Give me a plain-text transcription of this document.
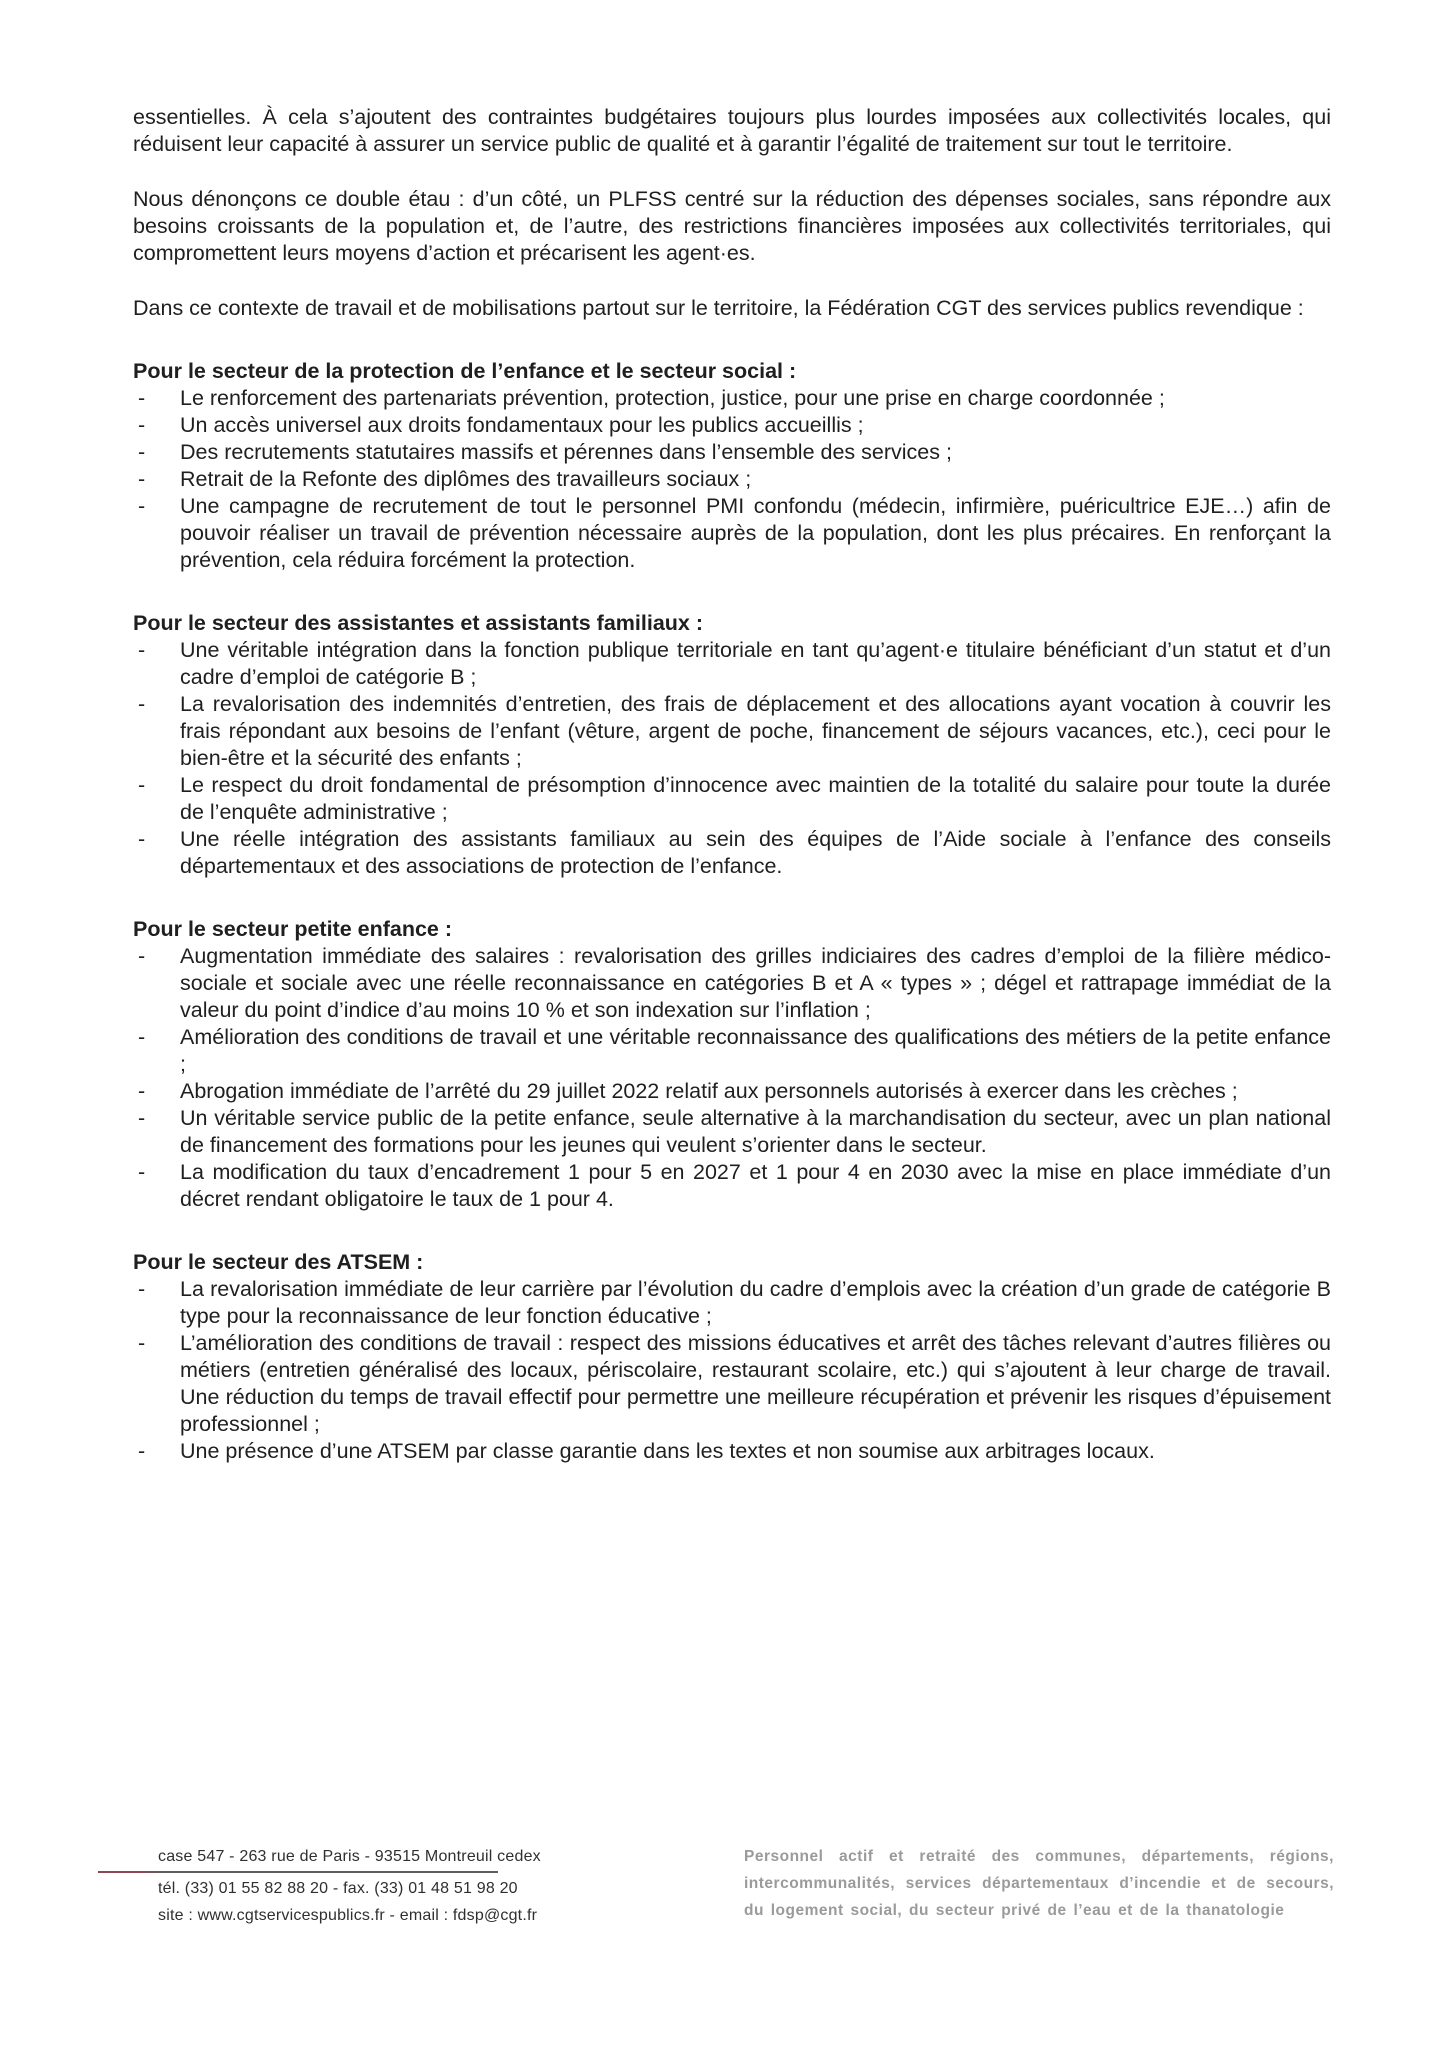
essentielles. À cela s’ajoutent des contraintes budgétaires toujours plus lourdes imposées aux collectivités locales, qui réduisent leur capacité à assurer un service public de qualité et à garantir l’égalité de traitement sur tout le territoire.

Nous dénonçons ce double étau : d’un côté, un PLFSS centré sur la réduction des dépenses sociales, sans répondre aux besoins croissants de la population et, de l’autre, des restrictions financières imposées aux collectivités territoriales, qui compromettent leurs moyens d’action et précarisent les agent·es.

Dans ce contexte de travail et de mobilisations partout sur le territoire, la Fédération CGT des services publics revendique :

Pour le secteur de la protection de l’enfance et le secteur social :
- Le renforcement des partenariats prévention, protection, justice, pour une prise en charge coordonnée ;
- Un accès universel aux droits fondamentaux pour les publics accueillis ;
- Des recrutements statutaires massifs et pérennes dans l’ensemble des services ;
- Retrait de la Refonte des diplômes des travailleurs sociaux ;
- Une campagne de recrutement de tout le personnel PMI confondu (médecin, infirmière, puéricultrice EJE…) afin de pouvoir réaliser un travail de prévention nécessaire auprès de la population, dont les plus précaires. En renforçant la prévention, cela réduira forcément la protection.
Pour le secteur des assistantes et assistants familiaux :
- Une véritable intégration dans la fonction publique territoriale en tant qu’agent·e titulaire bénéficiant d’un statut et d’un cadre d’emploi de catégorie B ;
- La revalorisation des indemnités d’entretien, des frais de déplacement et des allocations ayant vocation à couvrir les frais répondant aux besoins de l’enfant (vêture, argent de poche, financement de séjours vacances, etc.), ceci pour le bien-être et la sécurité des enfants ;
- Le respect du droit fondamental de présomption d’innocence avec maintien de la totalité du salaire pour toute la durée de l’enquête administrative ;
- Une réelle intégration des assistants familiaux au sein des équipes de l’Aide sociale à l’enfance des conseils départementaux et des associations de protection de l’enfance.
Pour le secteur petite enfance :
- Augmentation immédiate des salaires : revalorisation des grilles indiciaires des cadres d’emploi de la filière médico-sociale et sociale avec une réelle reconnaissance en catégories B et A « types » ; dégel et rattrapage immédiat de la valeur du point d’indice d’au moins 10 % et son indexation sur l’inflation ;
- Amélioration des conditions de travail et une véritable reconnaissance des qualifications des métiers de la petite enfance ;
- Abrogation immédiate de l’arrêté du 29 juillet 2022 relatif aux personnels autorisés à exercer dans les crèches ;
- Un véritable service public de la petite enfance, seule alternative à la marchandisation du secteur, avec un plan national de financement des formations pour les jeunes qui veulent s’orienter dans le secteur.
- La modification du taux d’encadrement 1 pour 5 en 2027 et 1 pour 4 en 2030 avec la mise en place immédiate d’un décret rendant obligatoire le taux de 1 pour 4.
Pour le secteur des ATSEM :
- La revalorisation immédiate de leur carrière par l’évolution du cadre d’emplois avec la création d’un grade de catégorie B type pour la reconnaissance de leur fonction éducative ;
- L’amélioration des conditions de travail : respect des missions éducatives et arrêt des tâches relevant d’autres filières ou métiers (entretien généralisé des locaux, périscolaire, restaurant scolaire, etc.) qui s’ajoutent à leur charge de travail. Une réduction du temps de travail effectif pour permettre une meilleure récupération et prévenir les risques d’épuisement professionnel ;
- Une présence d’une ATSEM par classe garantie dans les textes et non soumise aux arbitrages locaux.
case 547 - 263 rue de Paris - 93515 Montreuil cedex
tél. (33) 01 55 82 88 20 - fax. (33) 01 48 51 98 20
site : www.cgtservicespublics.fr - email : fdsp@cgt.fr
Personnel actif et retraité des communes, départements, régions, intercommunalités, services départementaux d’incendie et de secours, du logement social, du secteur privé de l’eau et de la thanatologie
